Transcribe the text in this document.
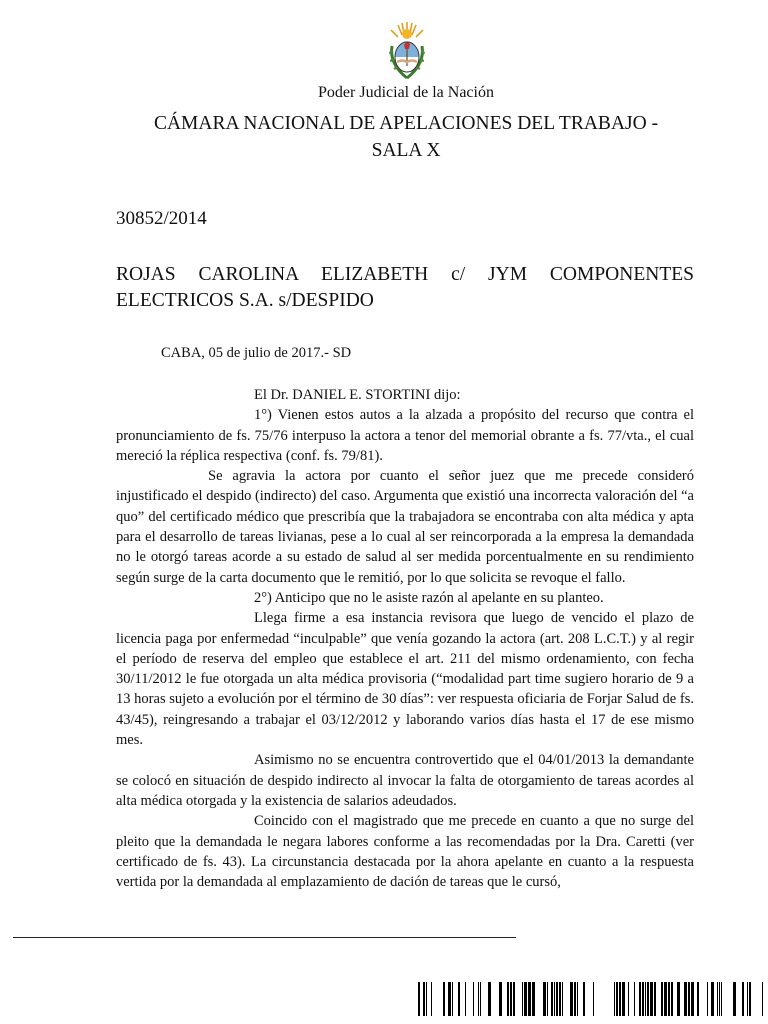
Poder Judicial de la Nación
CÁMARA NACIONAL DE APELACIONES DEL TRABAJO -
SALA X
30852/2014
ROJAS CAROLINA ELIZABETH c/ JYM COMPONENTES
ELECTRICOS S.A. s/DESPIDO
CABA, 05 de julio de 2017.- SD

El Dr. DANIEL E. STORTINI dijo:

1°) Vienen estos autos a la alzada a propósito del recurso que contra el pronunciamiento de fs. 75/76 interpuso la actora a tenor del memorial obrante a fs. 77/vta., el cual mereció la réplica respectiva (conf. fs. 79/81).

Se agravia la actora por cuanto el señor juez que me precede consideró injustificado el despido (indirecto) del caso. Argumenta que existió una incorrecta valoración del “a quo” del certificado médico que prescribía que la trabajadora se encontraba con alta médica y apta para el desarrollo de tareas livianas, pese a lo cual al ser reincorporada a la empresa la demandada no le otorgó tareas acorde a su estado de salud al ser medida porcentualmente en su rendimiento según surge de la carta documento que le remitió, por lo que solicita se revoque el fallo.

2°) Anticipo que no le asiste razón al apelante en su planteo.

Llega firme a esa instancia revisora que luego de vencido el plazo de licencia paga por enfermedad “inculpable” que venía gozando la actora (art. 208 L.C.T.) y al regir el período de reserva del empleo que establece el art. 211 del mismo ordenamiento, con fecha 30/11/2012 le fue otorgada un alta médica provisoria (“modalidad part time sugiero horario de 9 a 13 horas sujeto a evolución por el término de 30 días”: ver respuesta oficiaria de Forjar Salud de fs. 43/45), reingresando a trabajar el 03/12/2012 y laborando varios días hasta el 17 de ese mismo mes.

Asimismo no se encuentra controvertido que el 04/01/2013 la demandante se colocó en situación de despido indirecto al invocar la falta de otorgamiento de tareas acordes al alta médica otorgada y la existencia de salarios adeudados.

Coincido con el magistrado que me precede en cuanto a que no surge del pleito que la demandada le negara labores conforme a las recomendadas por la Dra. Caretti (ver certificado de fs. 43). La circunstancia destacada por la ahora apelante en cuanto a la respuesta vertida por la demandada al emplazamiento de dación de tareas que le cursó,
